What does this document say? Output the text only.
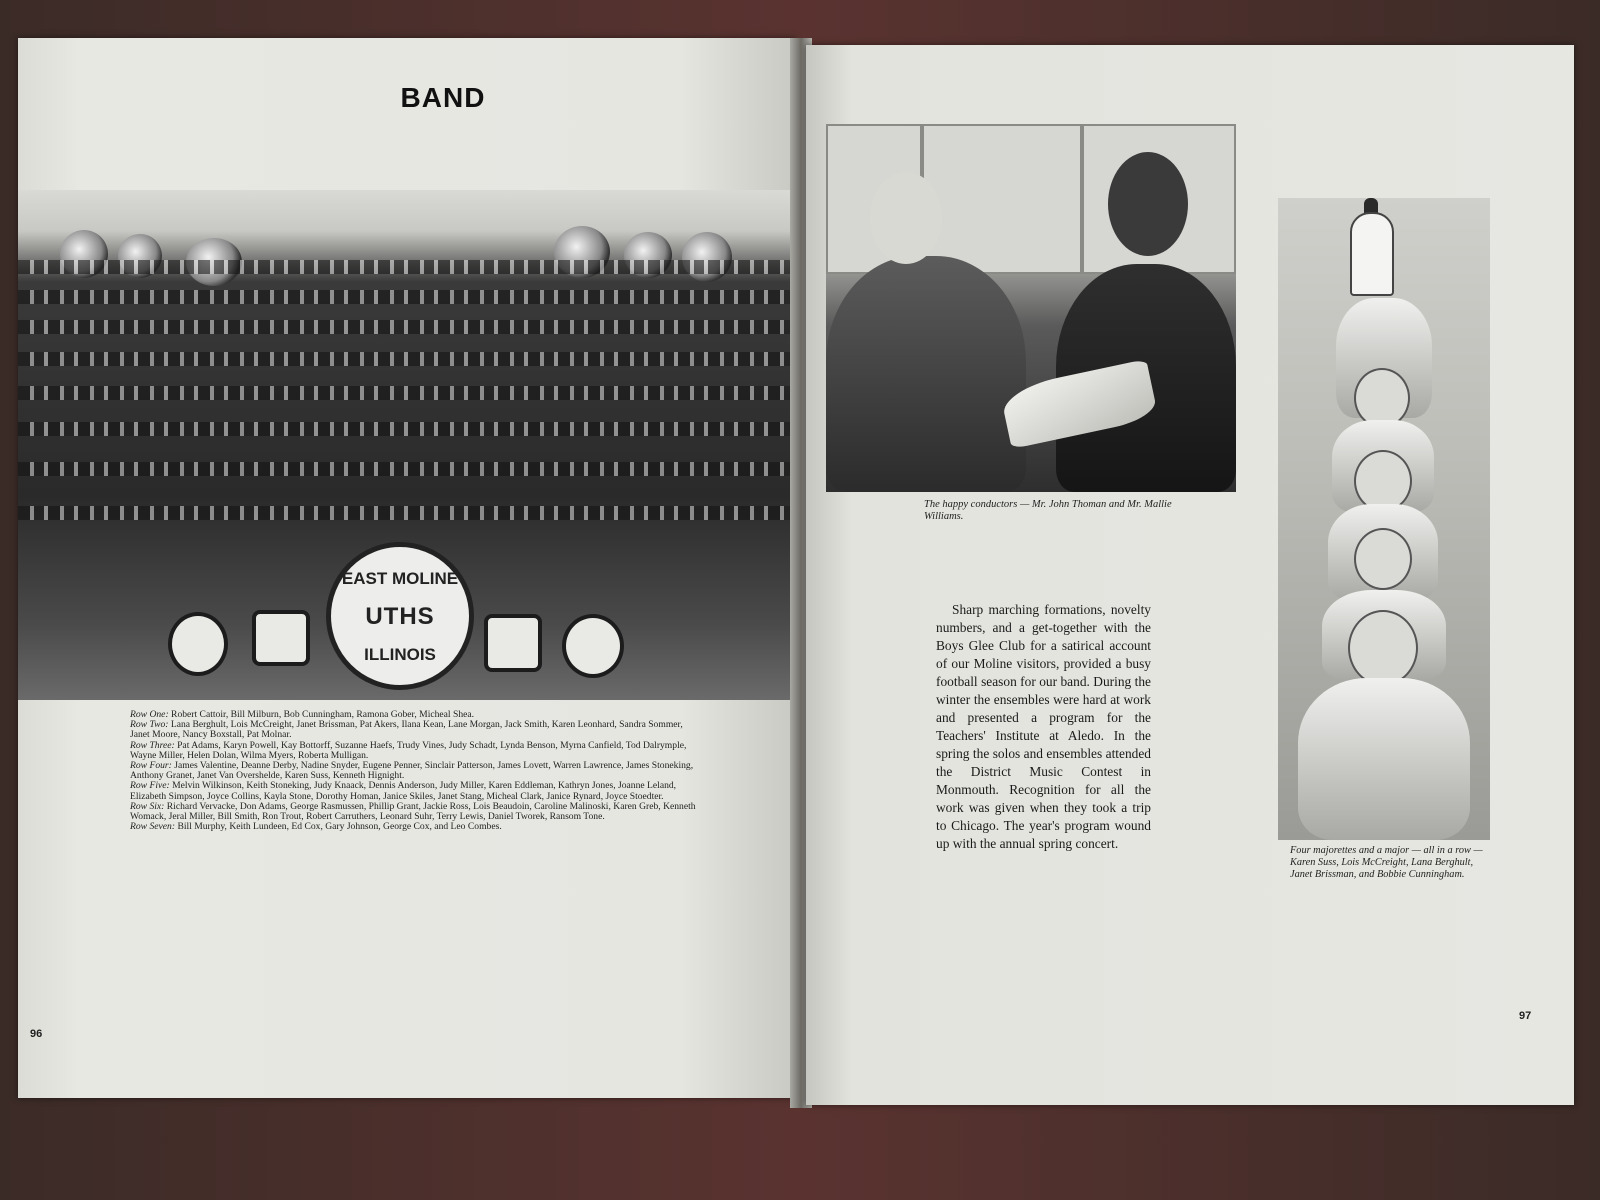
BAND
EAST MOLINE
UTHS
ILLINOIS

Row One: Robert Cattoir, Bill Milburn, Bob Cunningham, Ramona Gober, Micheal Shea.

Row Two: Lana Berghult, Lois McCreight, Janet Brissman, Pat Akers, Ilana Kean, Lane Morgan, Jack Smith, Karen Leonhard, Sandra Sommer, Janet Moore, Nancy Boxstall, Pat Molnar.

Row Three: Pat Adams, Karyn Powell, Kay Bottorff, Suzanne Haefs, Trudy Vines, Judy Schadt, Lynda Benson, Myrna Canfield, Tod Dalrymple, Wayne Miller, Helen Dolan, Wilma Myers, Roberta Mulligan.

Row Four: James Valentine, Deanne Derby, Nadine Snyder, Eugene Penner, Sinclair Patterson, James Lovett, Warren Lawrence, James Stoneking, Anthony Granet, Janet Van Overshelde, Karen Suss, Kenneth Hignight.

Row Five: Melvin Wilkinson, Keith Stoneking, Judy Knaack, Dennis Anderson, Judy Miller, Karen Eddleman, Kathryn Jones, Joanne Leland, Elizabeth Simpson, Joyce Collins, Kayla Stone, Dorothy Homan, Janice Skiles, Janet Stang, Micheal Clark, Janice Rynard, Joyce Stoedter.

Row Six: Richard Vervacke, Don Adams, George Rasmussen, Phillip Grant, Jackie Ross, Lois Beaudoin, Caroline Malinoski, Karen Greb, Kenneth Womack, Jeral Miller, Bill Smith, Ron Trout, Robert Carruthers, Leonard Suhr, Terry Lewis, Daniel Tworek, Ransom Tone.

Row Seven: Bill Murphy, Keith Lundeen, Ed Cox, Gary Johnson, George Cox, and Leo Combes.

96
The happy conductors — Mr. John Thoman and Mr. Mallie Williams.
Sharp marching formations, novelty numbers, and a get-together with the Boys Glee Club for a satirical account of our Moline visitors, provided a busy football season for our band. During the winter the ensembles were hard at work and presented a program for the Teachers' Institute at Aledo. In the spring the solos and ensembles attended the District Music Contest in Monmouth. Recognition for all the work was given when they took a trip to Chicago. The year's program wound up with the annual spring concert.	Four majorettes and a major — all in a row — Karen Suss, Lois McCreight, Lana Berghult, Janet Brissman, and Bobbie Cunningham.
97
